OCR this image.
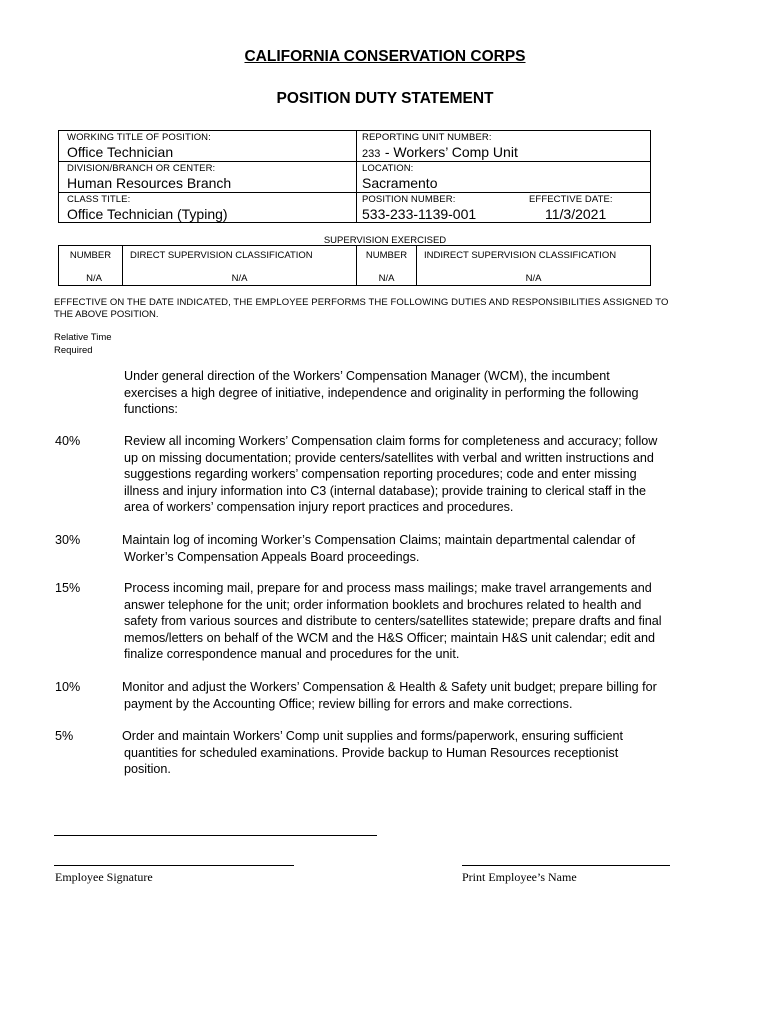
CALIFORNIA CONSERVATION CORPS
POSITION DUTY STATEMENT
WORKING TITLE OF POSITION:
Office Technician
REPORTING UNIT NUMBER:
233 - Workers’ Comp Unit
DIVISION/BRANCH OR CENTER:
Human Resources Branch
LOCATION:
Sacramento
CLASS TITLE:
Office Technician (Typing)
POSITION NUMBER:
533-233-1139-001
EFFECTIVE DATE:
11/3/2021
SUPERVISION EXERCISED
NUMBER	DIRECT SUPERVISION CLASSIFICATION	NUMBER	INDIRECT SUPERVISION CLASSIFICATION
N/A	N/A	N/A	N/A
EFFECTIVE ON THE DATE INDICATED, THE EMPLOYEE PERFORMS THE FOLLOWING DUTIES AND RESPONSIBILITIES ASSIGNED TO
THE ABOVE POSITION.
Relative Time
Required
Under general direction of the Workers’ Compensation Manager (WCM), the incumbent
exercises a high degree of initiative, independence and originality in performing the following
functions:
40%	Review all incoming Workers’ Compensation claim forms for completeness and accuracy; follow
up on missing documentation; provide centers/satellites with verbal and written instructions and
suggestions regarding workers’ compensation reporting procedures; code and enter missing
illness and injury information into C3 (internal database); provide training to clerical staff in the
area of workers’ compensation injury report practices and procedures.
30%	Maintain log of incoming Worker’s Compensation Claims; maintain departmental calendar of
Worker’s Compensation Appeals Board proceedings.
15%	Process incoming mail, prepare for and process mass mailings; make travel arrangements and
answer telephone for the unit; order information booklets and brochures related to health and
safety from various sources and distribute to centers/satellites statewide; prepare drafts and final
memos/letters on behalf of the WCM and the H&S Officer; maintain H&S unit calendar; edit and
finalize correspondence manual and procedures for the unit.
10%	Monitor and adjust the Workers’ Compensation & Health & Safety unit budget; prepare billing for
payment by the Accounting Office; review billing for errors and make corrections.
5%	Order and maintain Workers’ Comp unit supplies and forms/paperwork, ensuring sufficient
quantities for scheduled examinations. Provide backup to Human Resources receptionist
position.
Employee Signature	Print Employee’s Name
